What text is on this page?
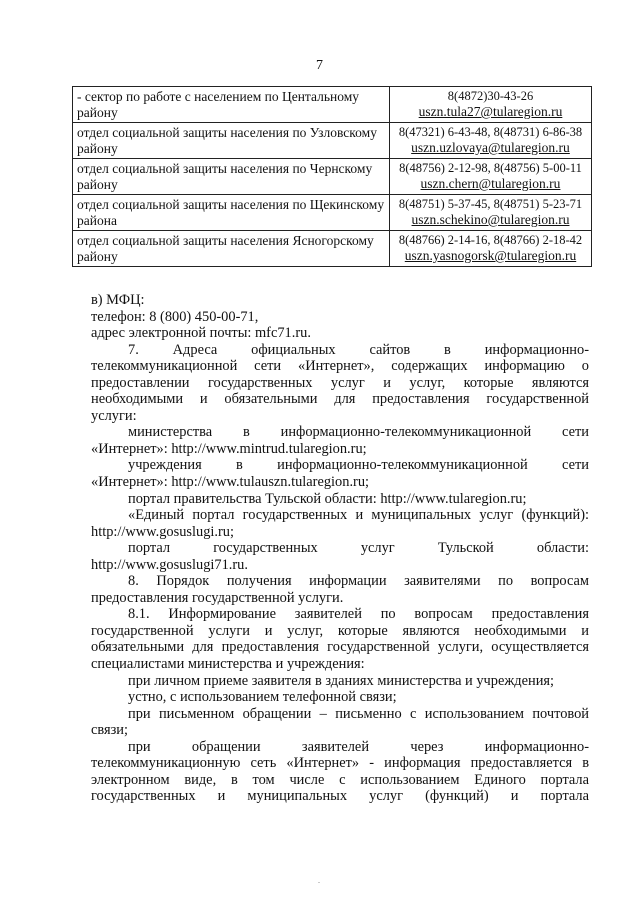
7
- сектор по работе с населением по Центальному району	8(4872)30-43-26
uszn.tula27@tularegion.ru

отдел социальной защиты населения по Узловскому району	8(47321) 6-43-48, 8(48731) 6-86-38
uszn.uzlovaya@tularegion.ru

отдел социальной защиты населения по Чернскому району	8(48756) 2-12-98, 8(48756) 5-00-11
uszn.chern@tularegion.ru

отдел социальной защиты населения по Щекинскому района	8(48751) 5-37-45, 8(48751) 5-23-71
uszn.schekino@tularegion.ru

отдел социальной защиты населения Ясногорскому району	8(48766) 2-14-16, 8(48766) 2-18-42
uszn.yasnogorsk@tularegion.ru

в) МФЦ:

телефон: 8 (800) 450-00-71,

адрес электронной почты: mfc71.ru.

7. Адреса официальных сайтов в информационно-
телекоммуникационной сети «Интернет», содержащих информацию о
предоставлении государственных услуг и услуг, которые являются
необходимыми и обязательными для предоставления государственной
услуги:

министерства в информационно-телекоммуникационной сети
«Интернет»: http://www.mintrud.tularegion.ru;

учреждения в информационно-телекоммуникационной сети
«Интернет»: http://www.tulauszn.tularegion.ru;

портал правительства Тульской области: http://www.tularegion.ru;

«Единый портал государственных и муниципальных услуг (функций):
http://www.gosuslugi.ru;

портал государственных услуг Тульской области:
http://www.gosuslugi71.ru.

8. Порядок получения информации заявителями по вопросам
предоставления государственной услуги.

8.1. Информирование заявителей по вопросам предоставления
государственной услуги и услуг, которые являются необходимыми и
обязательными для предоставления государственной услуги, осуществляется
специалистами министерства и учреждения:

при личном приеме заявителя в зданиях министерства и учреждения;

устно, с использованием телефонной связи;

при письменном обращении – письменно с использованием почтовой
связи;

при обращении заявителей через информационно-
телекоммуникационную сеть «Интернет» - информация предоставляется в
электронном виде, в том числе с использованием Единого портала
государственных и муниципальных услуг (функций) и портала

.
